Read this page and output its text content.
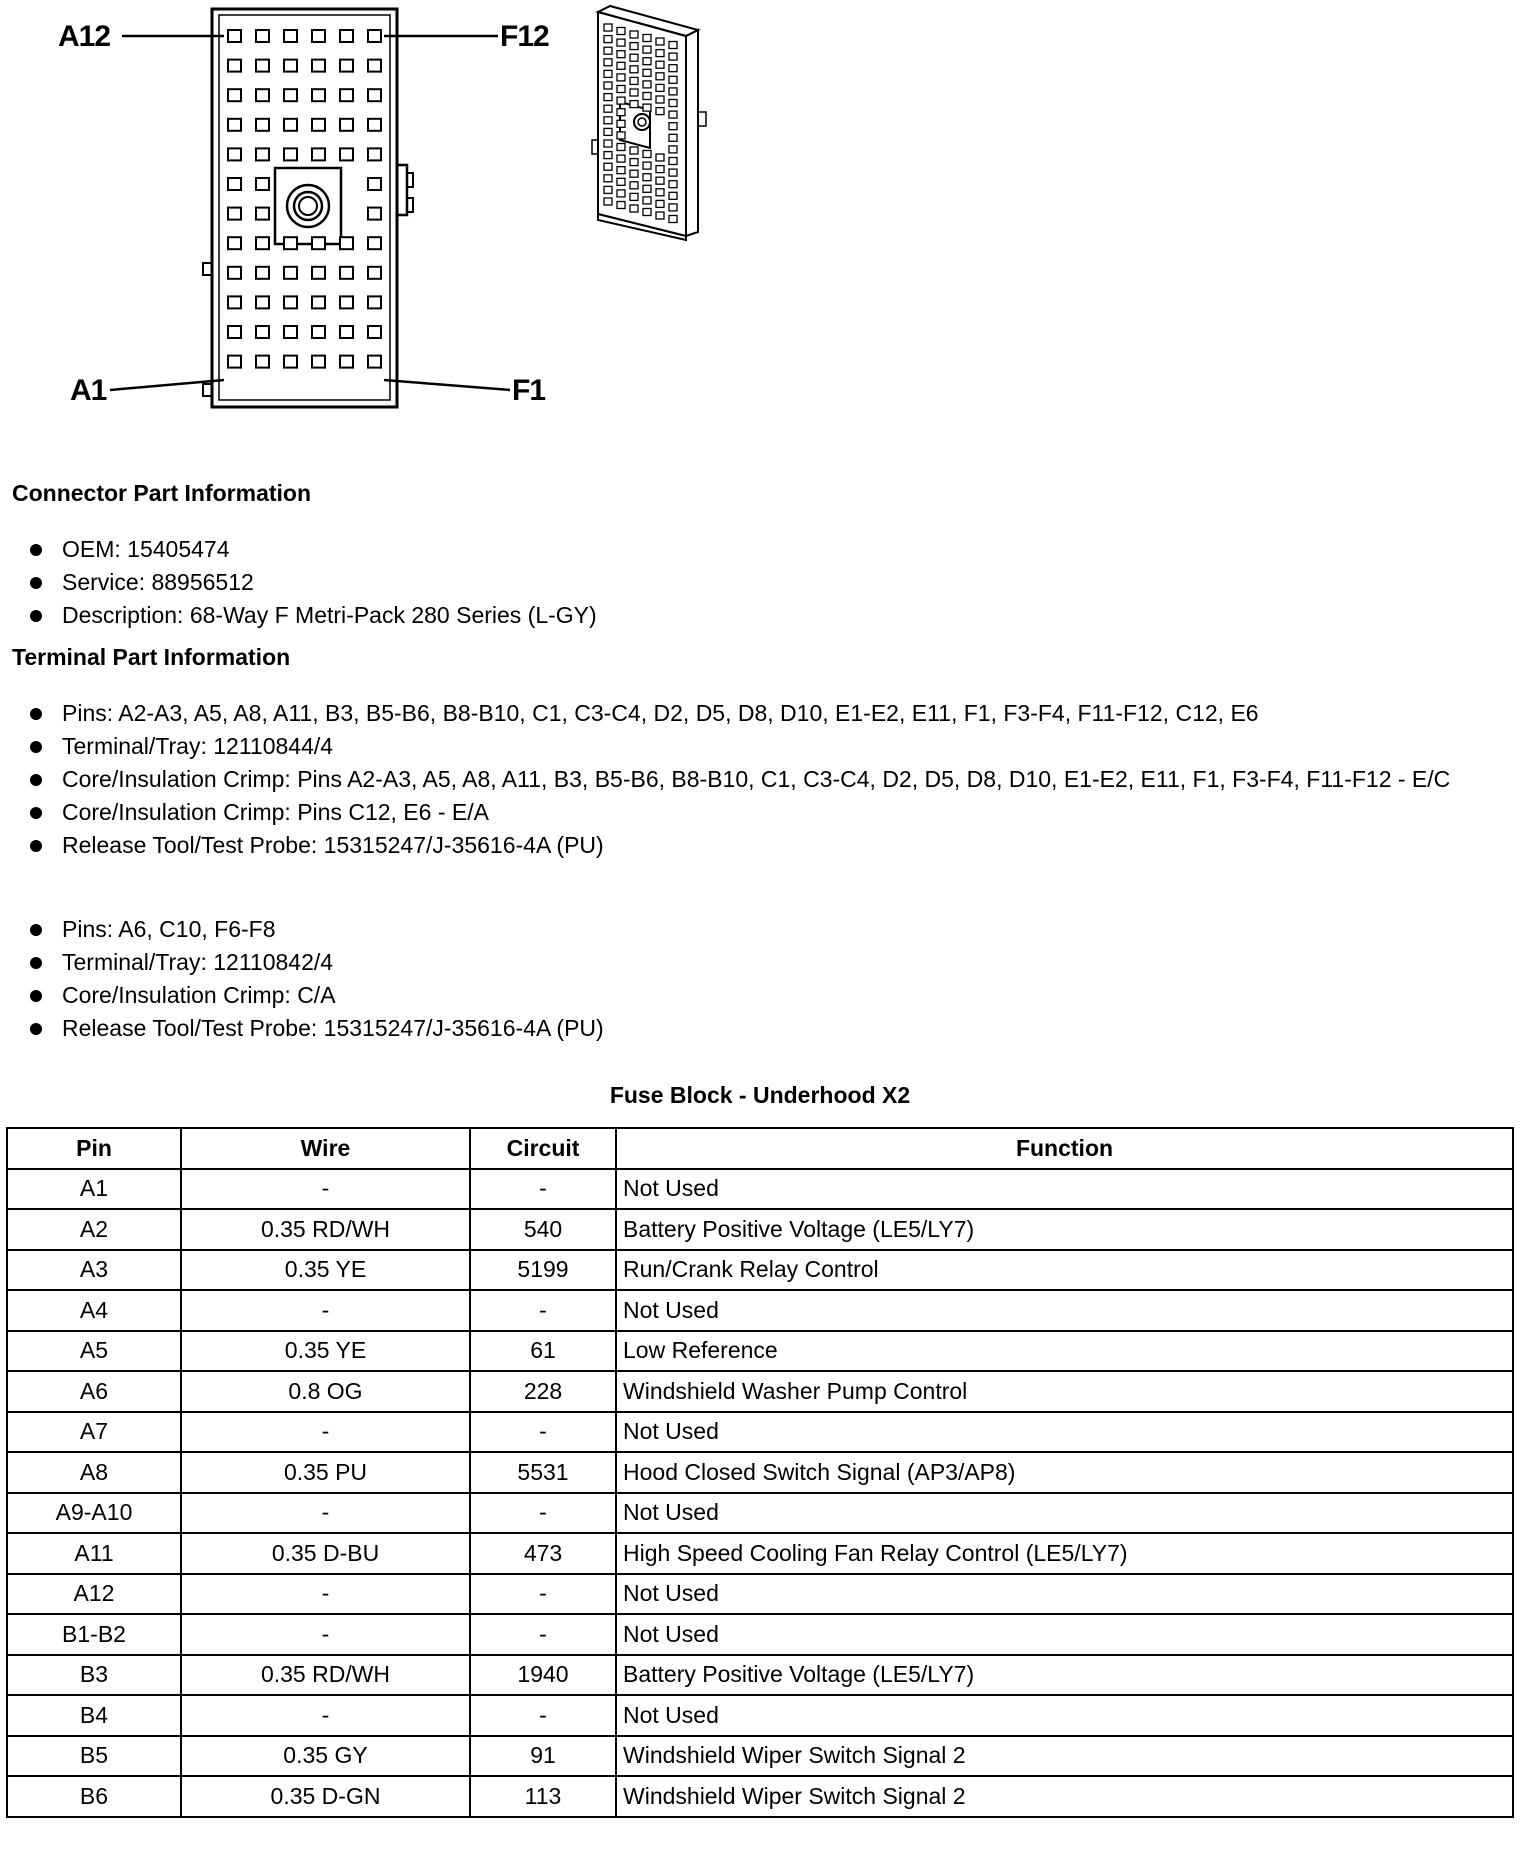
A12	F12
A1	F1
Connector Part Information
OEM: 15405474
Service: 88956512
Description: 68-Way F Metri-Pack 280 Series (L-GY)
Terminal Part Information
Pins: A2-A3, A5, A8, A11, B3, B5-B6, B8-B10, C1, C3-C4, D2, D5, D8, D10, E1-E2, E11, F1, F3-F4, F11-F12, C12, E6
Terminal/Tray: 12110844/4
Core/Insulation Crimp: Pins A2-A3, A5, A8, A11, B3, B5-B6, B8-B10, C1, C3-C4, D2, D5, D8, D10, E1-E2, E11, F1, F3-F4, F11-F12 - E/C
Core/Insulation Crimp: Pins C12, E6 - E/A
Release Tool/Test Probe: 15315247/J-35616-4A (PU)
Pins: A6, C10, F6-F8
Terminal/Tray: 12110842/4
Core/Insulation Crimp: C/A
Release Tool/Test Probe: 15315247/J-35616-4A (PU)
Fuse Block - Underhood X2
Pin	Wire	Circuit	Function
A1	-	-	Not Used
A2	0.35 RD/WH	540	Battery Positive Voltage (LE5/LY7)
A3	0.35 YE	5199	Run/Crank Relay Control
A4	-	-	Not Used
A5	0.35 YE	61	Low Reference
A6	0.8 OG	228	Windshield Washer Pump Control
A7	-	-	Not Used
A8	0.35 PU	5531	Hood Closed Switch Signal (AP3/AP8)
A9-A10	-	-	Not Used
A11	0.35 D-BU	473	High Speed Cooling Fan Relay Control (LE5/LY7)
A12	-	-	Not Used
B1-B2	-	-	Not Used
B3	0.35 RD/WH	1940	Battery Positive Voltage (LE5/LY7)
B4	-	-	Not Used
B5	0.35 GY	91	Windshield Wiper Switch Signal 2
B6	0.35 D-GN	113	Windshield Wiper Switch Signal 2
